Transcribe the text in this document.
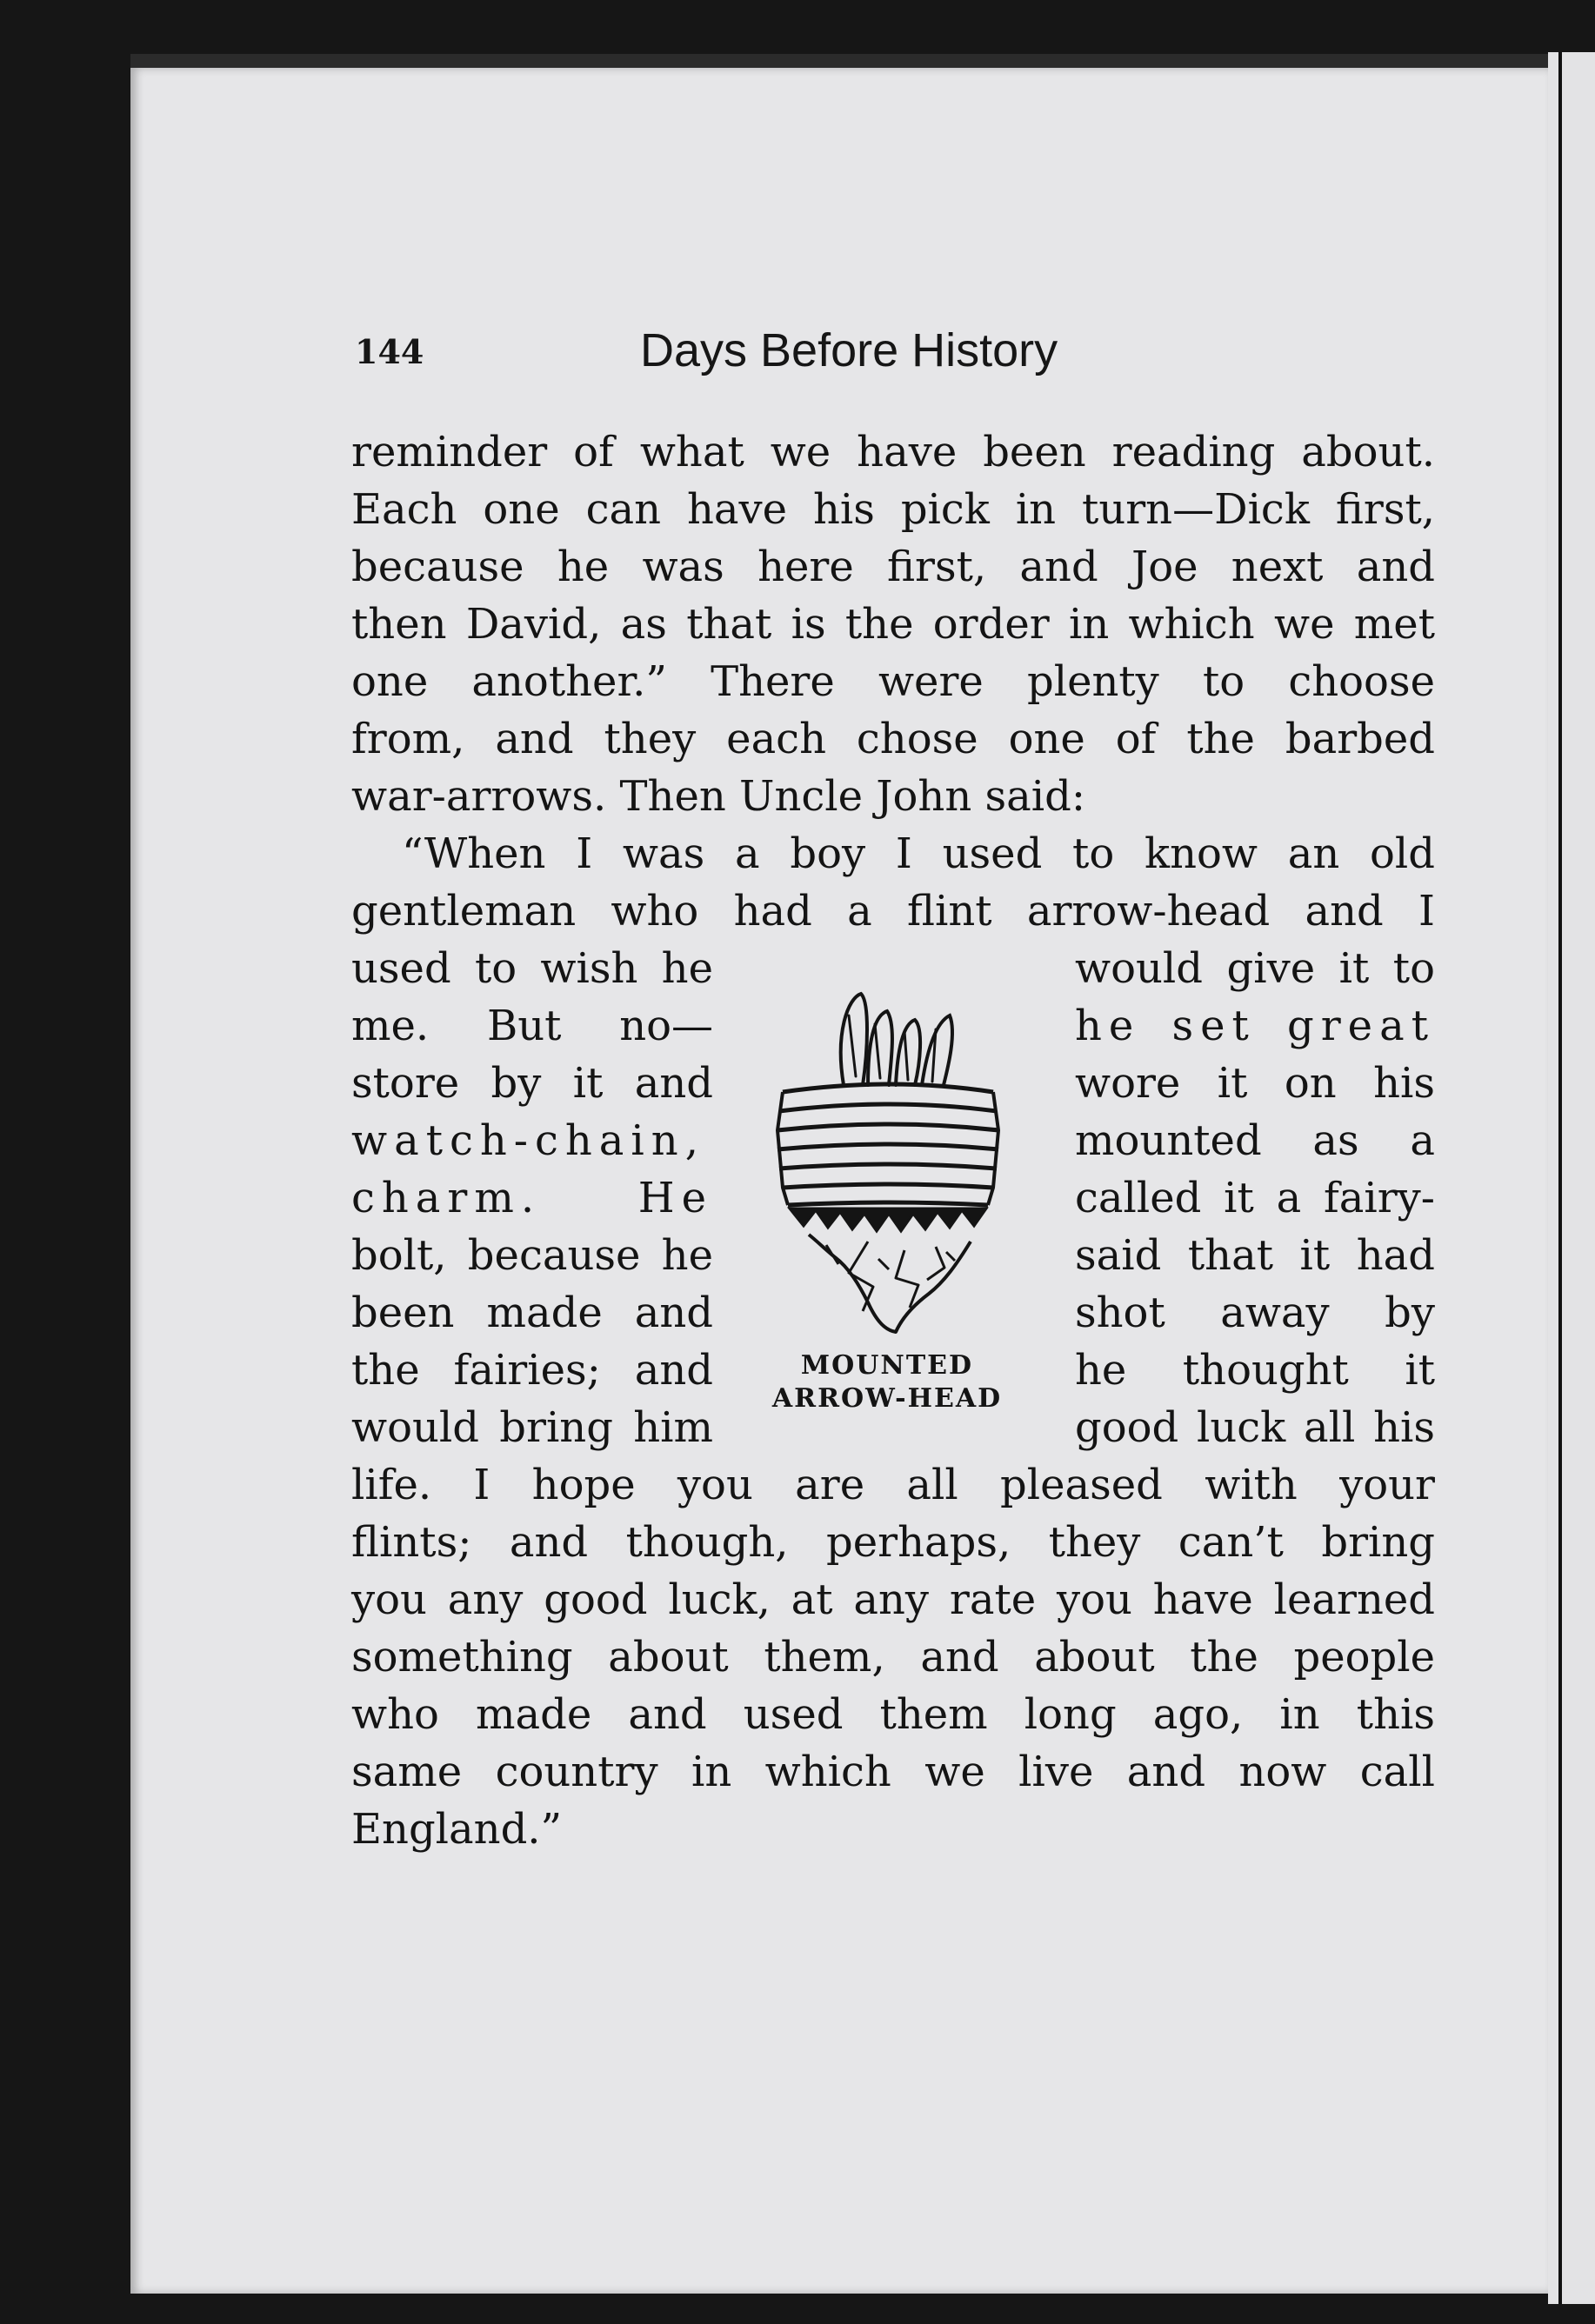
144	Days Before History
reminder of what we have been reading about.
Each one can have his pick in turn—Dick first,
because he was here first, and Joe next and
then David, as that is the order in which we met
one another.” There were plenty to choose
from, and they each chose one of the barbed
war-arrows. Then Uncle John said:
“When I was a boy I used to know an old
gentleman who had a flint arrow-head and I
used to wish he	would give it to
me. But no—	he set great
store by it and	wore it on his
watch-chain,	mounted as a
charm. He	called it a fairy-
bolt, because he	said that it had
been made and	shot away by
the fairies; and	he thought it
would bring him	good luck all his
MOUNTED
ARROW-HEAD
life. I hope you are all pleased with your
flints; and though, perhaps, they can’t bring
you any good luck, at any rate you have learned
something about them, and about the people
who made and used them long ago, in this
same country in which we live and now call
England.”
